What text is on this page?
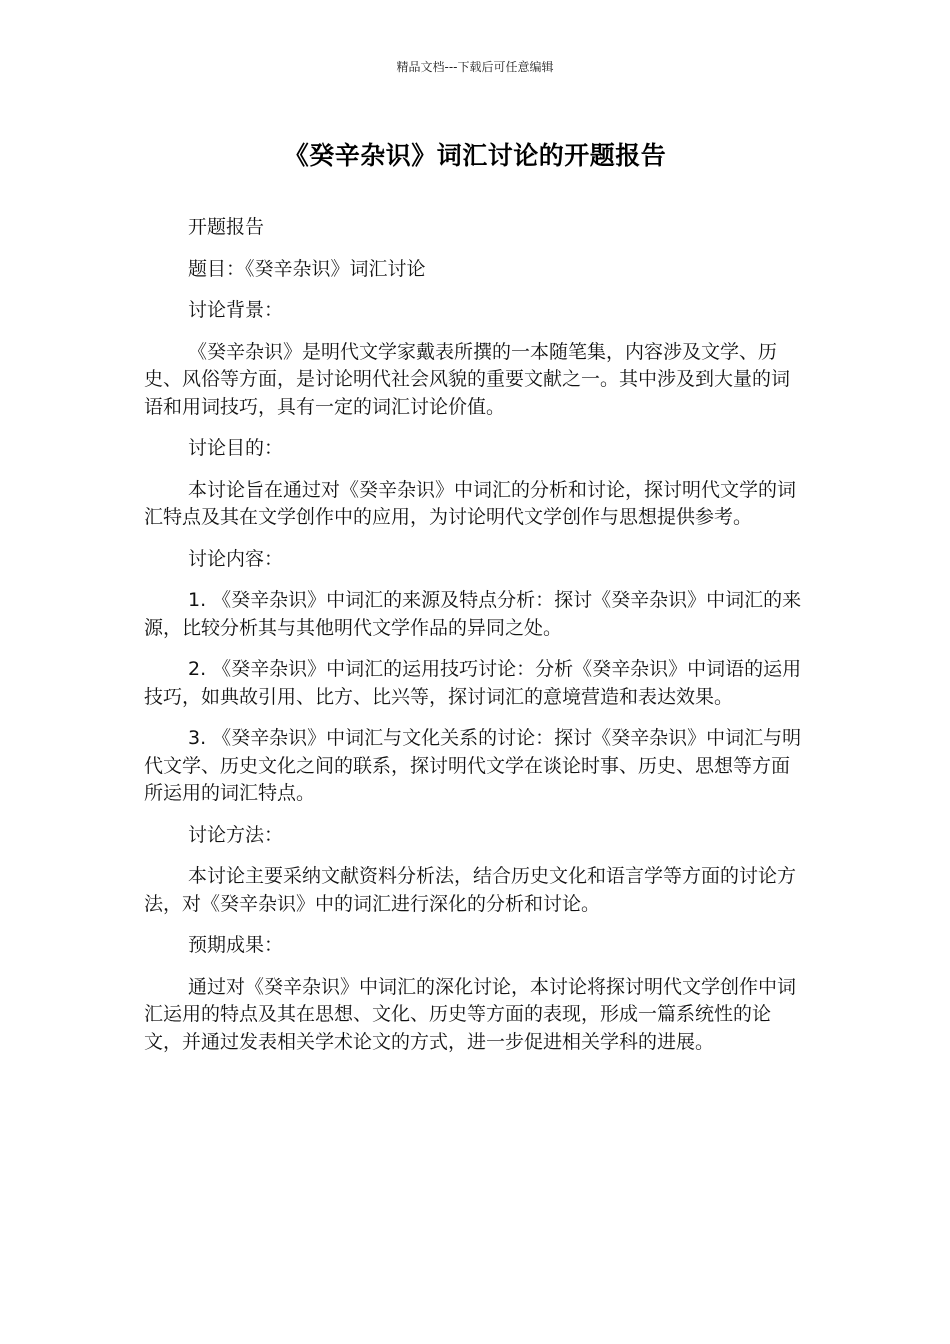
精品文档---下载后可任意编辑
《癸辛杂识》词汇讨论的开题报告

开题报告

题目：《癸辛杂识》词汇讨论

讨论背景：

《癸辛杂识》是明代文学家戴表所撰的一本随笔集，内容涉及文学、历史、风俗等方面，是讨论明代社会风貌的重要文献之一。其中涉及到大量的词语和用词技巧，具有一定的词汇讨论价值。

讨论目的：

本讨论旨在通过对《癸辛杂识》中词汇的分析和讨论，探讨明代文学的词汇特点及其在文学创作中的应用，为讨论明代文学创作与思想提供参考。

讨论内容：

1. 《癸辛杂识》中词汇的来源及特点分析：探讨《癸辛杂识》中词汇的来源，比较分析其与其他明代文学作品的异同之处。

2. 《癸辛杂识》中词汇的运用技巧讨论：分析《癸辛杂识》中词语的运用技巧，如典故引用、比方、比兴等，探讨词汇的意境营造和表达效果。

3. 《癸辛杂识》中词汇与文化关系的讨论：探讨《癸辛杂识》中词汇与明代文学、历史文化之间的联系，探讨明代文学在谈论时事、历史、思想等方面所运用的词汇特点。

讨论方法：

本讨论主要采纳文献资料分析法，结合历史文化和语言学等方面的讨论方法，对《癸辛杂识》中的词汇进行深化的分析和讨论。

预期成果：

通过对《癸辛杂识》中词汇的深化讨论，本讨论将探讨明代文学创作中词汇运用的特点及其在思想、文化、历史等方面的表现，形成一篇系统性的论文，并通过发表相关学术论文的方式，进一步促进相关学科的进展。
